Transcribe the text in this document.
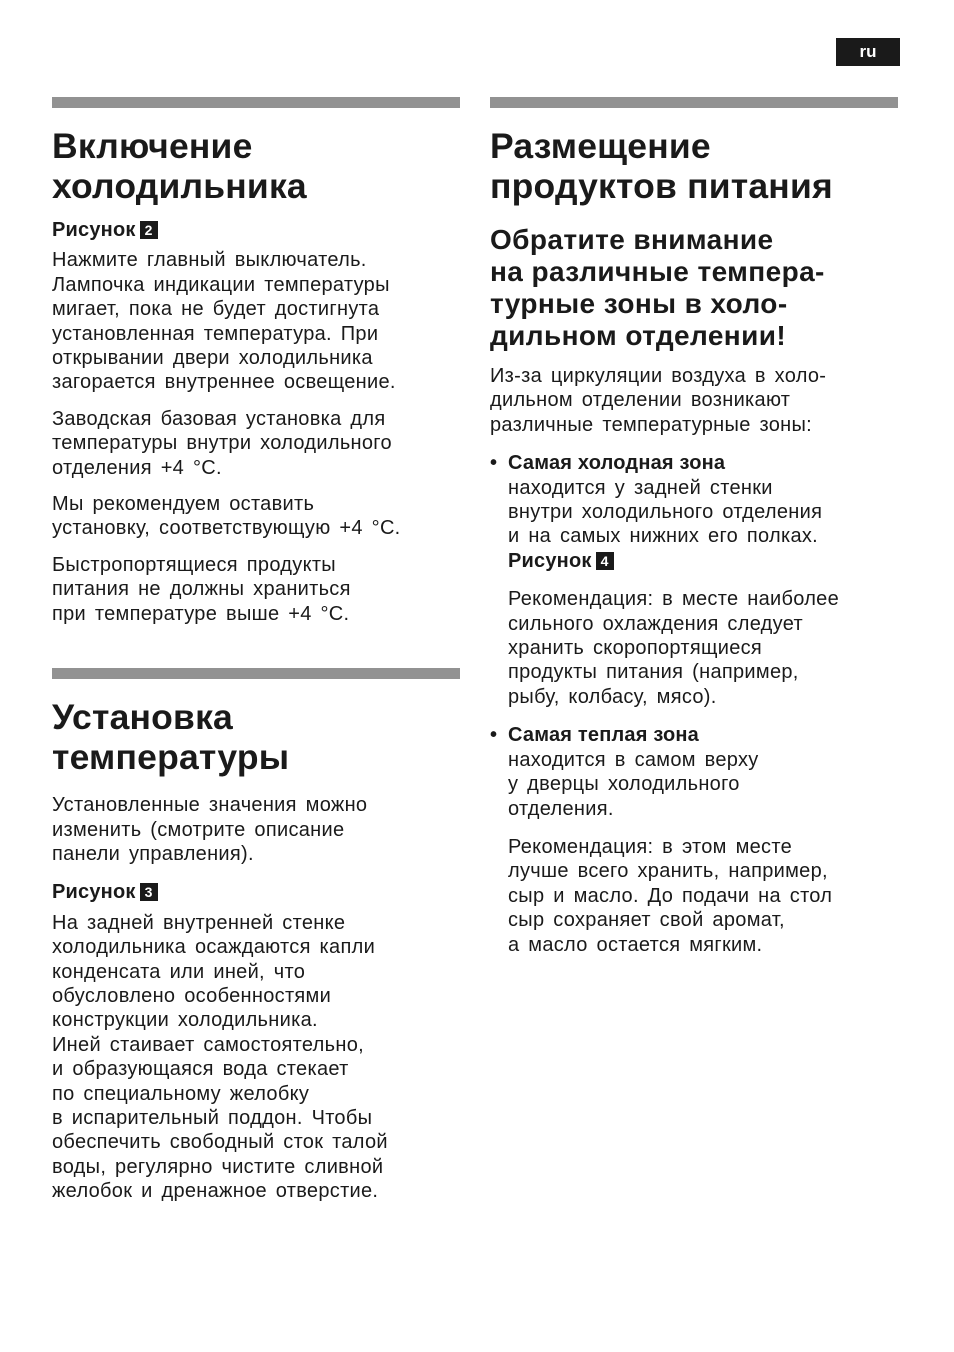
ru
Включение
холодильника
Рисунок 2

Нажмите главный выключатель.
Лампочка индикации температуры
мигает, пока не будет достигнута
установленная температура. При
открывании двери холодильника
загорается внутреннее освещение.

Заводская базовая установка для
температуры внутри холодильного
отделения +4 °C.

Мы рекомендуем оставить
установку, соответствующую +4 °C.

Быстропортящиеся продукты
питания не должны храниться
при температуре выше +4 °C.

Установка
температуры

Установленные значения можно
изменить (смотрите описание
панели управления).

Рисунок 3

На задней внутренней стенке
холодильника осаждаются капли
конденсата или иней, что
обусловлено особенностями
конструкции холодильника.
Иней стаивает самостоятельно,
и образующаяся вода стекает
по специальному желобку
в испарительный поддон. Чтобы
обеспечить свободный сток талой
воды, регулярно чистите сливной
желобок и дренажное отверстие.

Размещение
продуктов питания
Обратите внимание
на различные темпера-
турные зоны в холо-
дильном отделении!

Из-за циркуляции воздуха в холо-
дильном отделении возникают
различные температурные зоны:

• Самая холодная зона

находится у задней стенки
внутри холодильного отделения
и на самых нижних его полках.

Рисунок 4

Рекомендация: в месте наиболее
сильного охлаждения следует
хранить скоропортящиеся
продукты питания (например,
рыбу, колбасу, мясо).

• Самая теплая зона

находится в самом верху
у дверцы холодильного
отделения.

Рекомендация: в этом месте
лучше всего хранить, например,
сыр и масло. До подачи на стол
сыр сохраняет свой аромат,
а масло остается мягким.
